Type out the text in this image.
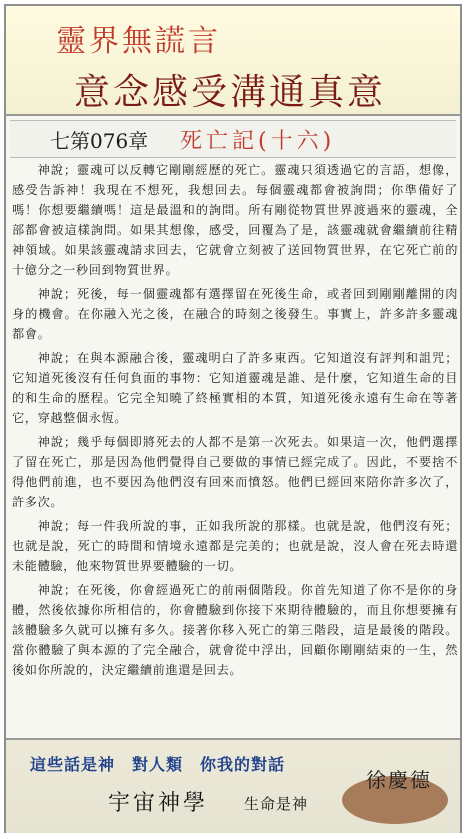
靈界無謊言
意念感受溝通真意
七第076章 死亡記(十六)

神說；靈魂可以反轉它剛剛經歷的死亡。靈魂只須透過它的言語，想像，感受告訴神！我現在不想死，我想回去。每個靈魂都會被詢問；你準備好了嗎！你想要繼續嗎！這是最溫和的詢問。所有剛從物質世界渡過來的靈魂，全部都會被這樣詢問。如果其想像，感受，回覆為了是，該靈魂就會繼續前往精神領域。如果該靈魂請求回去，它就會立刻被了送回物質世界，在它死亡前的十億分之一秒回到物質世界。

神說；死後，每一個靈魂都有選擇留在死後生命，或者回到剛剛離開的肉身的機會。在你融入光之後，在融合的時刻之後發生。事實上，許多許多靈魂都會。

神說；在與本源融合後，靈魂明白了許多東西。它知道沒有評判和詛咒；它知道死後沒有任何負面的事物：它知道靈魂是誰、是什麼，它知道生命的目的和生命的歷程。它完全知曉了終極實相的本質，知道死後永遠有生命在等著它，穿越整個永恆。

神說；幾乎每個即將死去的人都不是第一次死去。如果這一次，他們選擇了留在死亡，那是因為他們覺得自己要做的事情已經完成了。因此，不要捨不得他們前進，也不要因為他們沒有回來而憤怒。他們已經回來陪你許多次了，許多次。

神說；每一件我所說的事，正如我所說的那樣。也就是說，他們沒有死；也就是說，死亡的時間和情境永遠都是完美的；也就是說，沒人會在死去時還未能體驗，他來物質世界要體驗的一切。

神說；在死後，你會經過死亡的前兩個階段。你首先知道了你不是你的身體，然後依據你所相信的，你會體驗到你接下來期待體驗的，而且你想要擁有該體驗多久就可以擁有多久。接著你移入死亡的第三階段，這是最後的階段。當你體驗了與本源的了完全融合，就會從中浮出，回顧你剛剛結束的一生，然後如你所說的，決定繼續前進還是回去。

這些話是神　對人類　你我的對話
宇宙神學 生命是神
徐慶德
